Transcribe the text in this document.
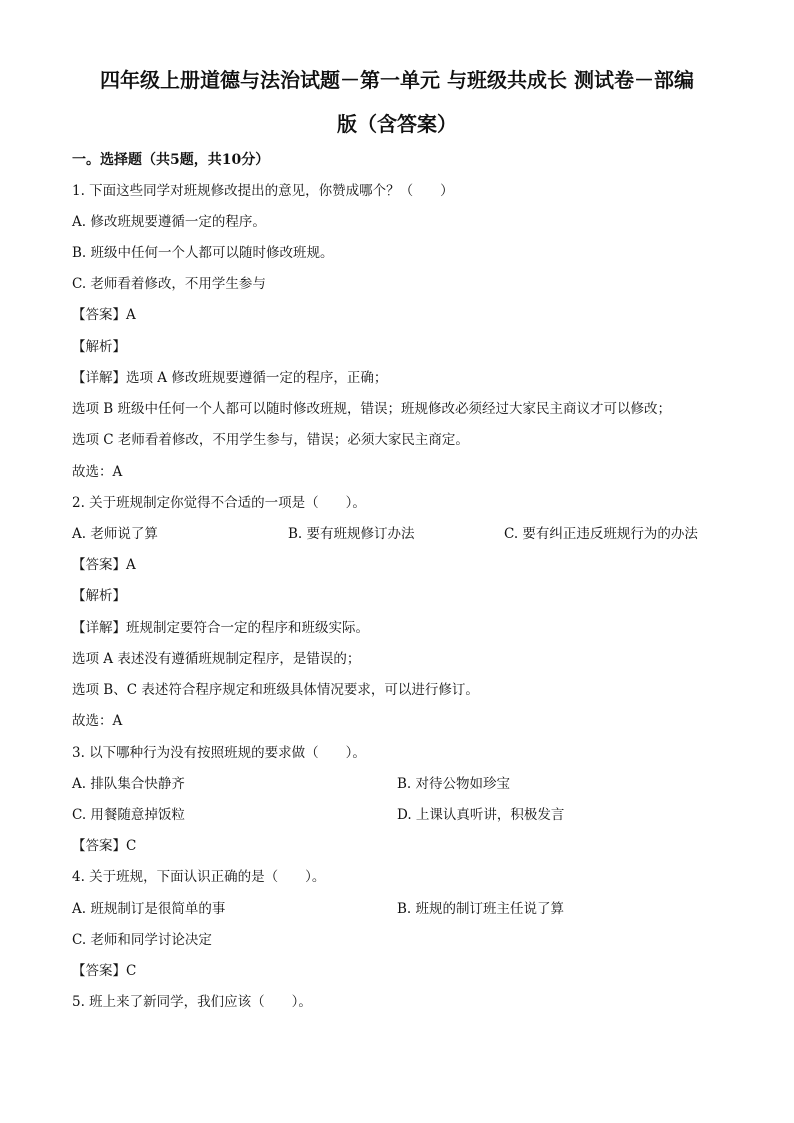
四年级上册道德与法治试题－第一单元 与班级共成长 测试卷－部编
版（含答案）
一。选择题（共5题，共10分）
1. 下面这些同学对班规修改提出的意见，你赞成哪个？（　　）
A. 修改班规要遵循一定的程序。
B. 班级中任何一个人都可以随时修改班规。
C. 老师看着修改，不用学生参与
【答案】A
【解析】
【详解】选项 A 修改班规要遵循一定的程序，正确；
选项 B 班级中任何一个人都可以随时修改班规，错误；班规修改必须经过大家民主商议才可以修改；
选项 C 老师看着修改，不用学生参与，错误；必须大家民主商定。
故选：A
2. 关于班规制定你觉得不合适的一项是（　　）。
A. 老师说了算	B. 要有班规修订办法	C. 要有纠正违反班规行为的办法
【答案】A
【解析】
【详解】班规制定要符合一定的程序和班级实际。
选项 A 表述没有遵循班规制定程序，是错误的；
选项 B、C 表述符合程序规定和班级具体情况要求，可以进行修订。
故选：A
3. 以下哪种行为没有按照班规的要求做（　　）。
A. 排队集合快静齐	B. 对待公物如珍宝
C. 用餐随意掉饭粒	D. 上课认真听讲，积极发言
【答案】C
4. 关于班规，下面认识正确的是（　　）。
A. 班规制订是很简单的事	B. 班规的制订班主任说了算
C. 老师和同学讨论决定
【答案】C
5. 班上来了新同学，我们应该（　　）。
